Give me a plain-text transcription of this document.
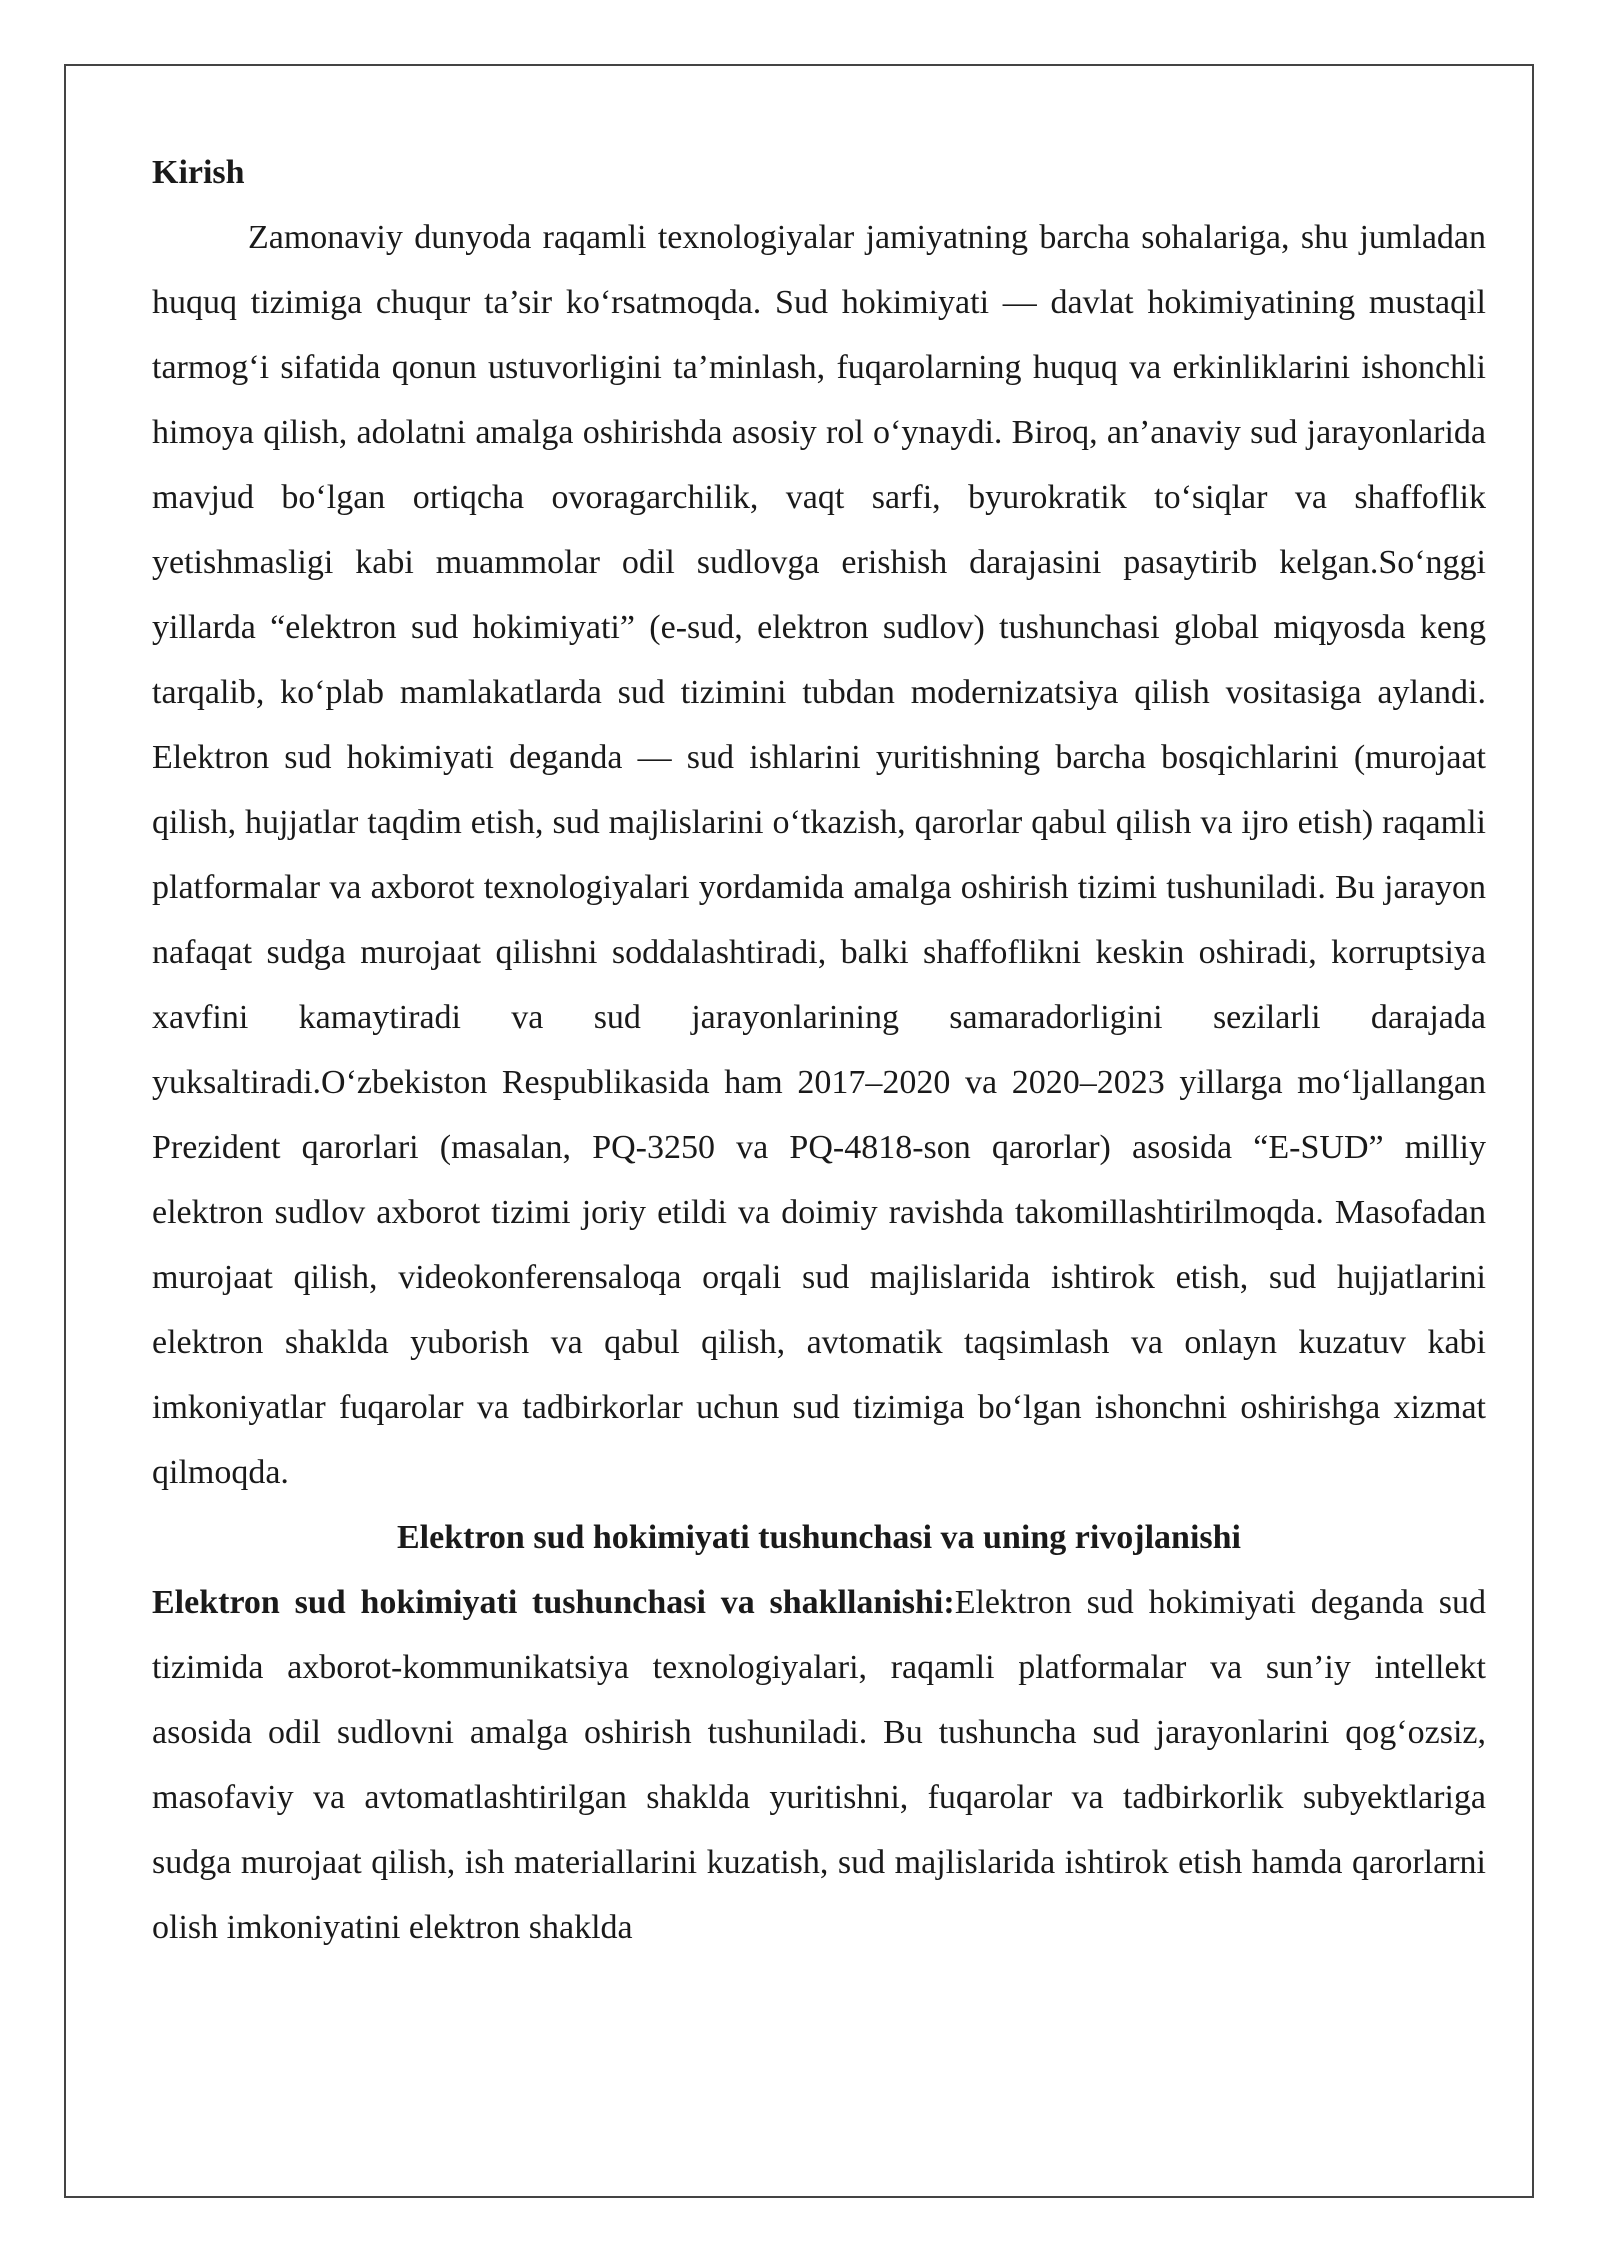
Kirish

Zamonaviy dunyoda raqamli texnologiyalar jamiyatning barcha sohalariga, shu jumladan huquq tizimiga chuqur ta’sir ko‘rsatmoqda. Sud hokimiyati — davlat hokimiyatining mustaqil tarmog‘i sifatida qonun ustuvorligini ta’minlash, fuqarolarning huquq va erkinliklarini ishonchli himoya qilish, adolatni amalga oshirishda asosiy rol o‘ynaydi. Biroq, an’anaviy sud jarayonlarida mavjud bo‘lgan ortiqcha ovoragarchilik, vaqt sarfi, byurokratik to‘siqlar va shaffoflik yetishmasligi kabi muammolar odil sudlovga erishish darajasini pasaytirib kelgan.So‘nggi yillarda “elektron sud hokimiyati” (e-sud, elektron sudlov) tushunchasi global miqyosda keng tarqalib, ko‘plab mamlakatlarda sud tizimini tubdan modernizatsiya qilish vositasiga aylandi. Elektron sud hokimiyati deganda — sud ishlarini yuritishning barcha bosqichlarini (murojaat qilish, hujjatlar taqdim etish, sud majlislarini o‘tkazish, qarorlar qabul qilish va ijro etish) raqamli platformalar va axborot texnologiyalari yordamida amalga oshirish tizimi tushuniladi. Bu jarayon nafaqat sudga murojaat qilishni soddalashtiradi, balki shaffoflikni keskin oshiradi, korruptsiya xavfini kamaytiradi va sud jarayonlarining samaradorligini sezilarli darajada yuksaltiradi.O‘zbekiston Respublikasida ham 2017–2020 va 2020–2023 yillarga mo‘ljallangan Prezident qarorlari (masalan, PQ-3250 va PQ-4818-son qarorlar) asosida “E-SUD” milliy elektron sudlov axborot tizimi joriy etildi va doimiy ravishda takomillashtirilmoqda. Masofadan murojaat qilish, videokonferensaloqa orqali sud majlislarida ishtirok etish, sud hujjatlarini elektron shaklda yuborish va qabul qilish, avtomatik taqsimlash va onlayn kuzatuv kabi imkoniyatlar fuqarolar va tadbirkorlar uchun sud tizimiga bo‘lgan ishonchni oshirishga xizmat qilmoqda.

Elektron sud hokimiyati tushunchasi va uning rivojlanishi

Elektron sud hokimiyati tushunchasi va shakllanishi:Elektron sud hokimiyati deganda sud tizimida axborot-kommunikatsiya texnologiyalari, raqamli platformalar va sun’iy intellekt asosida odil sudlovni amalga oshirish tushuniladi. Bu tushuncha sud jarayonlarini qog‘ozsiz, masofaviy va avtomatlashtirilgan shaklda yuritishni, fuqarolar va tadbirkorlik subyektlariga sudga murojaat qilish, ish materiallarini kuzatish, sud majlislarida ishtirok etish hamda qarorlarni olish imkoniyatini elektron shaklda
